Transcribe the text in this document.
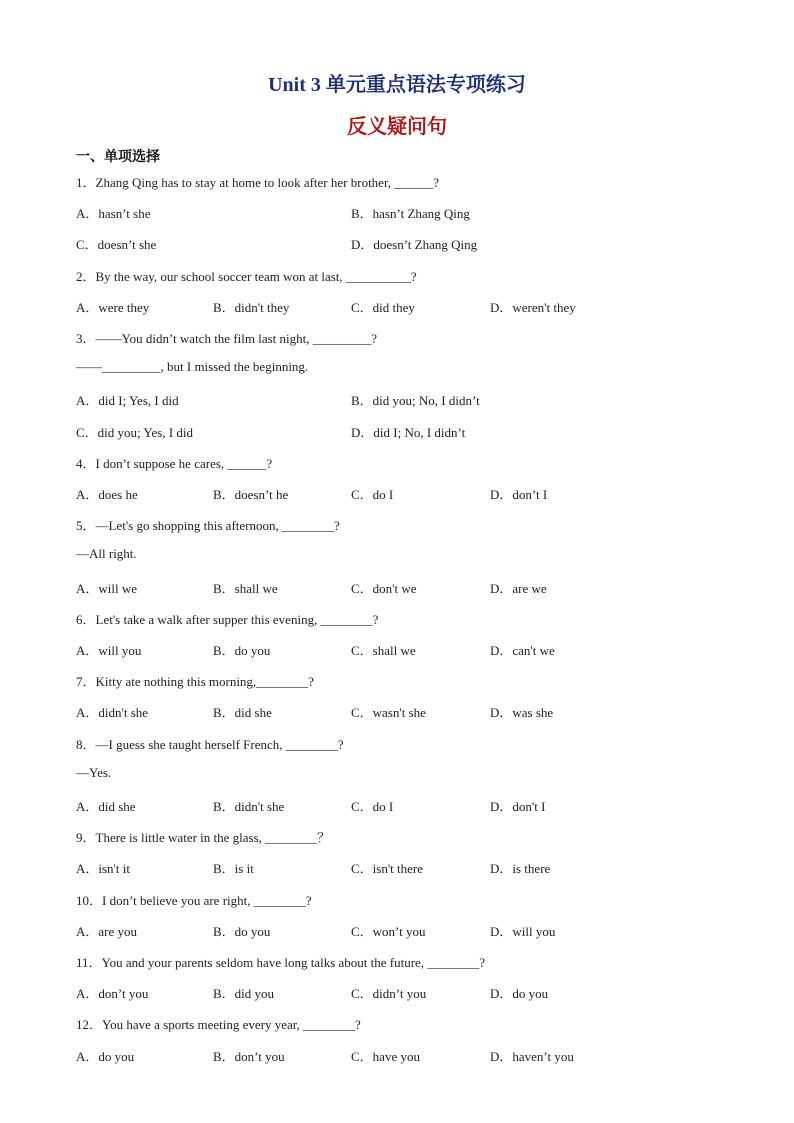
Unit 3 单元重点语法专项练习
反义疑问句
一、单项选择
1．Zhang Qing has to stay at home to look after her brother, ______?
A．hasn’t she	B．hasn’t Zhang Qing
C．doesn’t she	D．doesn’t Zhang Qing
2．By the way, our school soccer team won at last, __________?
A．were they	B．didn't they	C．did they	D．weren't they
3．——You didn’t watch the film last night, _________?
——_________, but I missed the beginning.
A．did I; Yes, I did	B．did you; No, I didn’t
C．did you; Yes, I did	D．did I; No, I didn’t
4．I don’t suppose he cares, ______?
A．does he	B．doesn’t he	C．do I	D．don’t I
5．—Let's go shopping this afternoon, ________?
—All right.
A．will we	B．shall we	C．don't we	D．are we
6．Let's take a walk after supper this evening, ________?
A．will you	B．do you	C．shall we	D．can't we
7．Kitty ate nothing this morning,________?
A．didn't she	B．did she	C．wasn't she	D．was she
8．—I guess she taught herself French, ________?
—Yes.
A．did she	B．didn't she	C．do I	D．don't I
9．There is little water in the glass, ________？
A．isn't it	B．is it	C．isn't there	D．is there
10．I don’t believe you are right, ________?
A．are you	B．do you	C．won’t you	D．will you
11．You and your parents seldom have long talks about the future, ________?
A．don’t you	B．did you	C．didn’t you	D．do you
12．You have a sports meeting every year, ________?
A．do you	B．don’t you	C．have you	D．haven’t you
